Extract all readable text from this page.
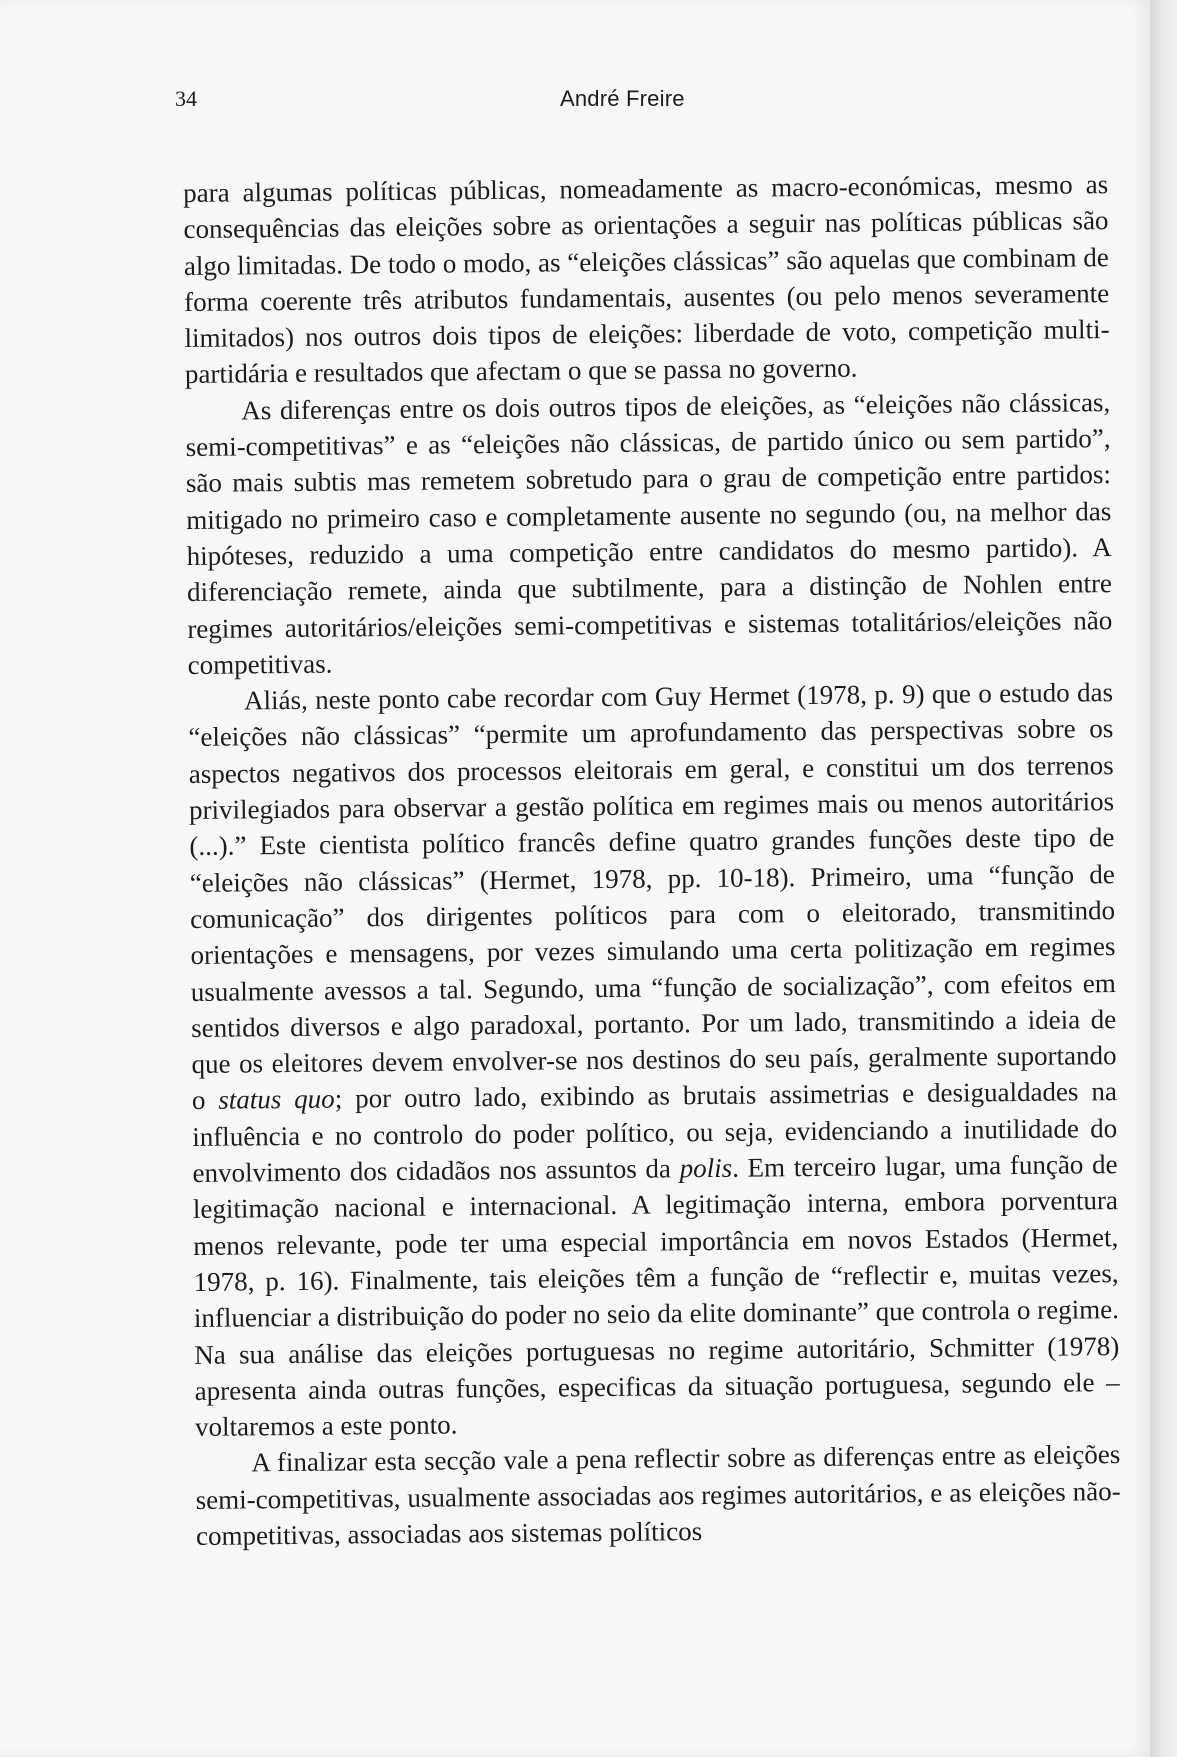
34	André Freire

para algumas políticas públicas, nomeadamente as macro-económicas, mesmo as consequências das eleições sobre as orientações a seguir nas políticas públicas são algo limitadas. De todo o modo, as “eleições clássicas” são aquelas que combinam de forma coerente três atributos fundamentais, ausentes (ou pelo menos severamente limitados) nos outros dois tipos de eleições: liberdade de voto, competição multi-partidária e resultados que afectam o que se passa no governo.

As diferenças entre os dois outros tipos de eleições, as “eleições não clássicas, semi-competitivas” e as “eleições não clássicas, de partido único ou sem partido”, são mais subtis mas remetem sobretudo para o grau de competição entre partidos: mitigado no primeiro caso e completamente ausente no segundo (ou, na melhor das hipóteses, reduzido a uma competição entre candidatos do mesmo partido). A diferenciação remete, ainda que subtilmente, para a distinção de Nohlen entre regimes autoritários/eleições semi-competitivas e sistemas totalitários/eleições não competitivas.

Aliás, neste ponto cabe recordar com Guy Hermet (1978, p. 9) que o estudo das “eleições não clássicas” “permite um aprofundamento das perspectivas sobre os aspectos negativos dos processos eleitorais em geral, e constitui um dos terrenos privilegiados para observar a gestão política em regimes mais ou menos autoritários (...).” Este cientista político francês define quatro grandes funções deste tipo de “eleições não clássicas” (Hermet, 1978, pp. 10-18). Primeiro, uma “função de comunicação” dos dirigentes políticos para com o eleitorado, transmitindo orientações e mensagens, por vezes simulando uma certa politização em regimes usualmente avessos a tal. Segundo, uma “função de socialização”, com efeitos em sentidos diversos e algo paradoxal, portanto. Por um lado, transmitindo a ideia de que os eleitores devem envolver-se nos destinos do seu país, geralmente suportando o status quo; por outro lado, exibindo as brutais assimetrias e desigualdades na influência e no controlo do poder político, ou seja, evidenciando a inutilidade do envolvimento dos cidadãos nos assuntos da polis. Em terceiro lugar, uma função de legitimação nacional e internacional. A legitimação interna, embora porventura menos relevante, pode ter uma especial importância em novos Estados (Hermet, 1978, p. 16). Finalmente, tais eleições têm a função de “reflectir e, muitas vezes, influenciar a distribuição do poder no seio da elite dominante” que controla o regime. Na sua análise das eleições portuguesas no regime autoritário, Schmitter (1978) apresenta ainda outras funções, especificas da situação portuguesa, segundo ele – voltaremos a este ponto.

A finalizar esta secção vale a pena reflectir sobre as diferenças entre as eleições semi-competitivas, usualmente associadas aos regimes autoritários, e as eleições não-competitivas, associadas aos sistemas políticos
